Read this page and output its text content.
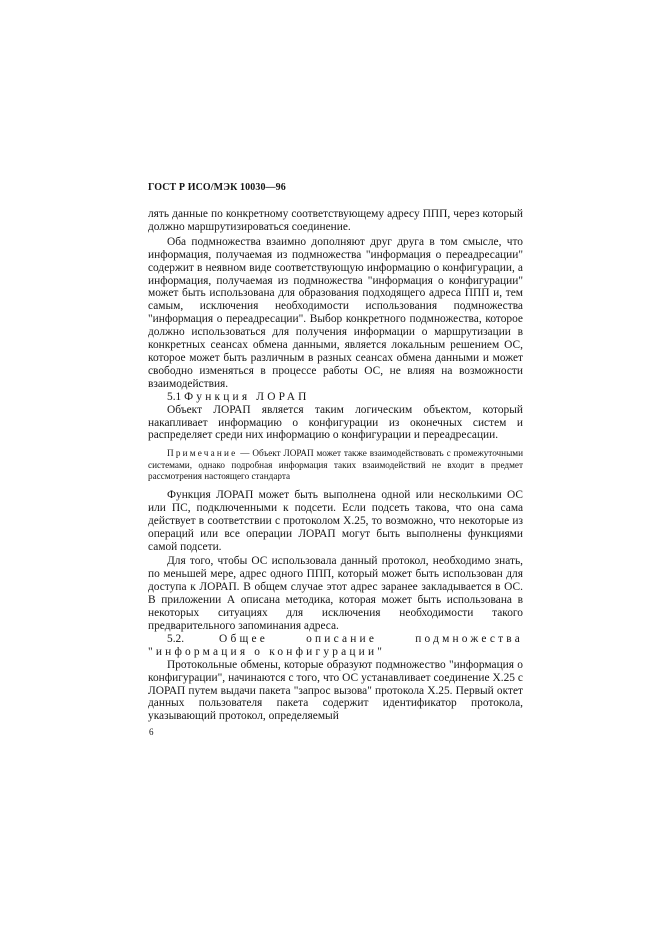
ГОСТ Р ИСО/МЭК 10030—96

лять данные по конкретному соответствующему адресу ППП, через который должно маршрутизироваться соединение.

Оба подмножества взаимно дополняют друг друга в том смысле, что информация, получаемая из подмножества "информация о переадресации" содержит в неявном виде соответствующую информацию о конфигурации, а информация, получаемая из подмножества "информация о конфигурации" может быть использована для образования подходящего адреса ППП и, тем самым, исключения необходимости использования подмножества "информация о переадресации". Выбор конкретного подмножества, которое должно использоваться для получения информации о маршрутизации в конкретных сеансах обмена данными, является локальным решением ОС, которое может быть различным в разных сеансах обмена данными и может свободно изменяться в процессе работы ОС, не влияя на возможности взаимодействия.

5.1 Функция ЛОРАП

Объект ЛОРАП является таким логическим объектом, который накапливает информацию о конфигурации из оконечных систем и распределяет среди них информацию о конфигурации и переадресации.

Примечание — Объект ЛОРАП может также взаимодействовать с промежуточными системами, однако подробная информация таких взаимодействий не входит в предмет рассмотрения настоящего стандарта

Функция ЛОРАП может быть выполнена одной или несколькими ОС или ПС, подключенными к подсети. Если подсеть такова, что она сама действует в соответствии с протоколом Х.25, то возможно, что некоторые из операций или все операции ЛОРАП могут быть выполнены функциями самой подсети.

Для того, чтобы ОС использовала данный протокол, необходимо знать, по меньшей мере, адрес одного ППП, который может быть использован для доступа к ЛОРАП. В общем случае этот адрес заранее закладывается в ОС. В приложении А описана методика, которая может быть использована в некоторых ситуациях для исключения необходимости такого предварительного запоминания адреса.

5.2.	Общее описание подмножества "информация о конфигурации"

Протокольные обмены, которые образуют подмножество "информация о конфигурации", начинаются с того, что ОС устанавливает соединение Х.25 с ЛОРАП путем выдачи пакета "запрос вызова" протокола Х.25. Первый октет данных пользователя пакета содержит идентификатор протокола, указывающий протокол, определяемый

6
